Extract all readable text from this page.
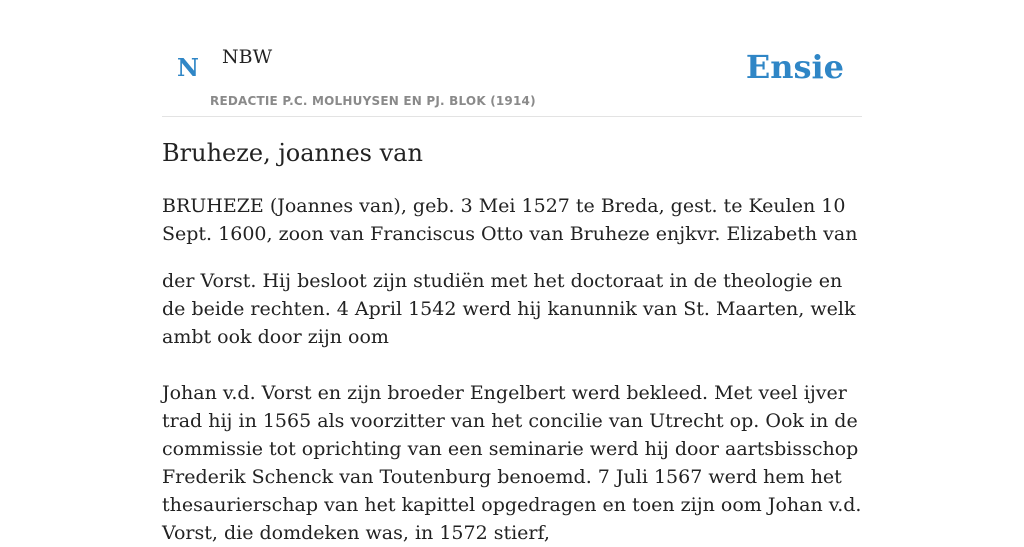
N NBW
REDACTIE P.C. MOLHUYSEN EN PJ. BLOK (1914)
Ensie
Bruheze, joannes van

BRUHEZE (Joannes van), geb. 3 Mei 1527 te Breda, gest. te Keulen 10 Sept. 1600, zoon van Franciscus Otto van Bruheze enjkvr. Elizabeth van

der Vorst. Hij besloot zijn studiën met het doctoraat in de theologie en de beide rechten. 4 April 1542 werd hij kanunnik van St. Maarten, welk ambt ook door zijn oom

Johan v.d. Vorst en zijn broeder Engelbert werd bekleed. Met veel ijver trad hij in 1565 als voorzitter van het concilie van Utrecht op. Ook in de commissie tot oprichting van een seminarie werd hij door aartsbisschop Frederik Schenck van Toutenburg benoemd. 7 Juli 1567 werd hem het thesaurierschap van het kapittel opgedragen en toen zijn oom Johan v.d. Vorst, die domdeken was, in 1572 stierf,
